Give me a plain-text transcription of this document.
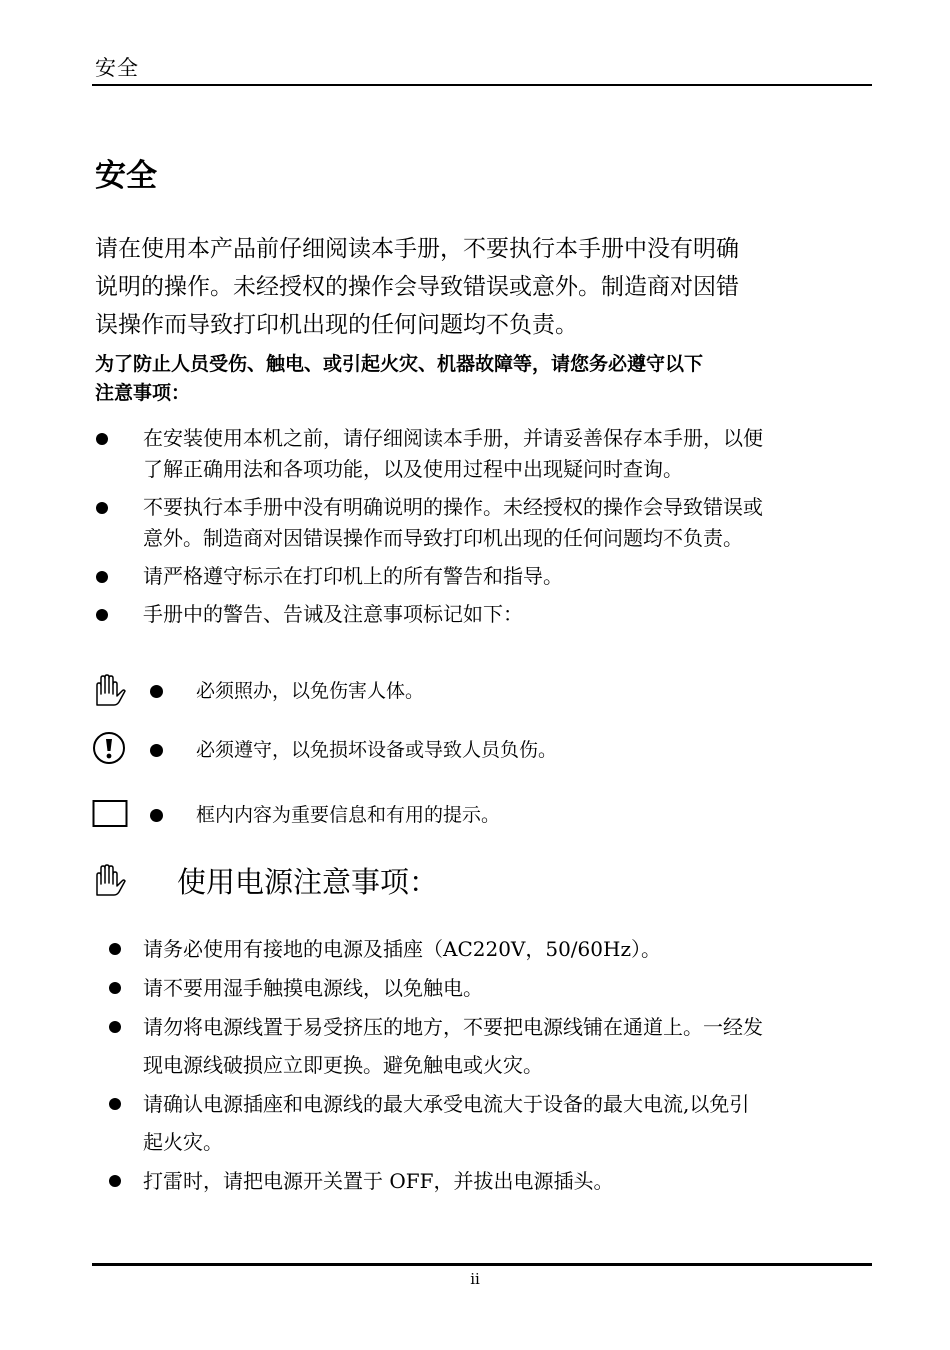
安全
安全

请在使用本产品前仔细阅读本手册，不要执行本手册中没有明确
说明的操作。未经授权的操作会导致错误或意外。制造商对因错
误操作而导致打印机出现的任何问题均不负责。

为了防止人员受伤、触电、或引起火灾、机器故障等，请您务必遵守以下
注意事项：

在安装使用本机之前，请仔细阅读本手册，并请妥善保存本手册，以便
了解正确用法和各项功能，以及使用过程中出现疑问时查询。
不要执行本手册中没有明确说明的操作。未经授权的操作会导致错误或
意外。制造商对因错误操作而导致打印机出现的任何问题均不负责。
请严格遵守标示在打印机上的所有警告和指导。
手册中的警告、告诫及注意事项标记如下：
必须照办，以免伤害人体。
必须遵守，以免损坏设备或导致人员负伤。
框内内容为重要信息和有用的提示。
使用电源注意事项：
请务必使用有接地的电源及插座（AC220V，50/60Hz）。
请不要用湿手触摸电源线，以免触电。
请勿将电源线置于易受挤压的地方，不要把电源线铺在通道上。一经发
现电源线破损应立即更换。避免触电或火灾。
请确认电源插座和电源线的最大承受电流大于设备的最大电流,以免引
起火灾。
打雷时，请把电源开关置于 OFF，并拔出电源插头。
ii
